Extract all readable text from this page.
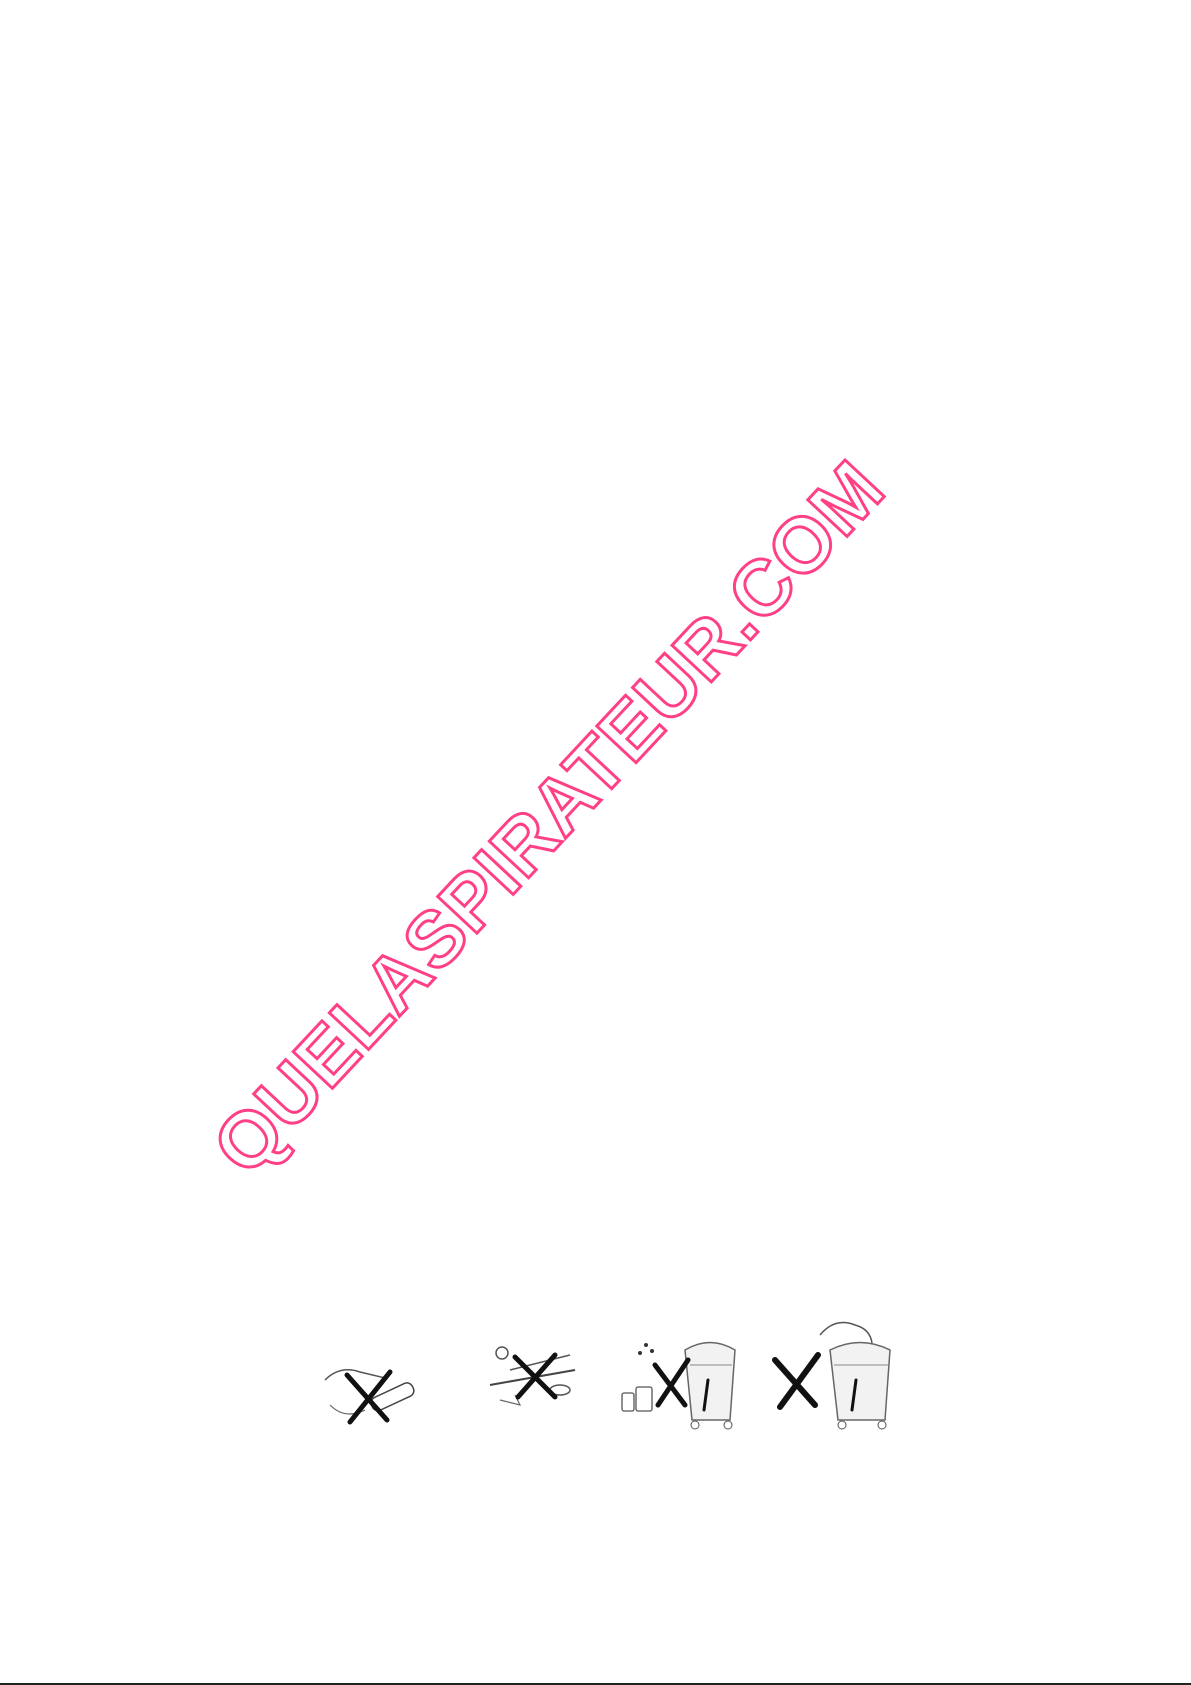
QUELASPIRATEUR.COM
